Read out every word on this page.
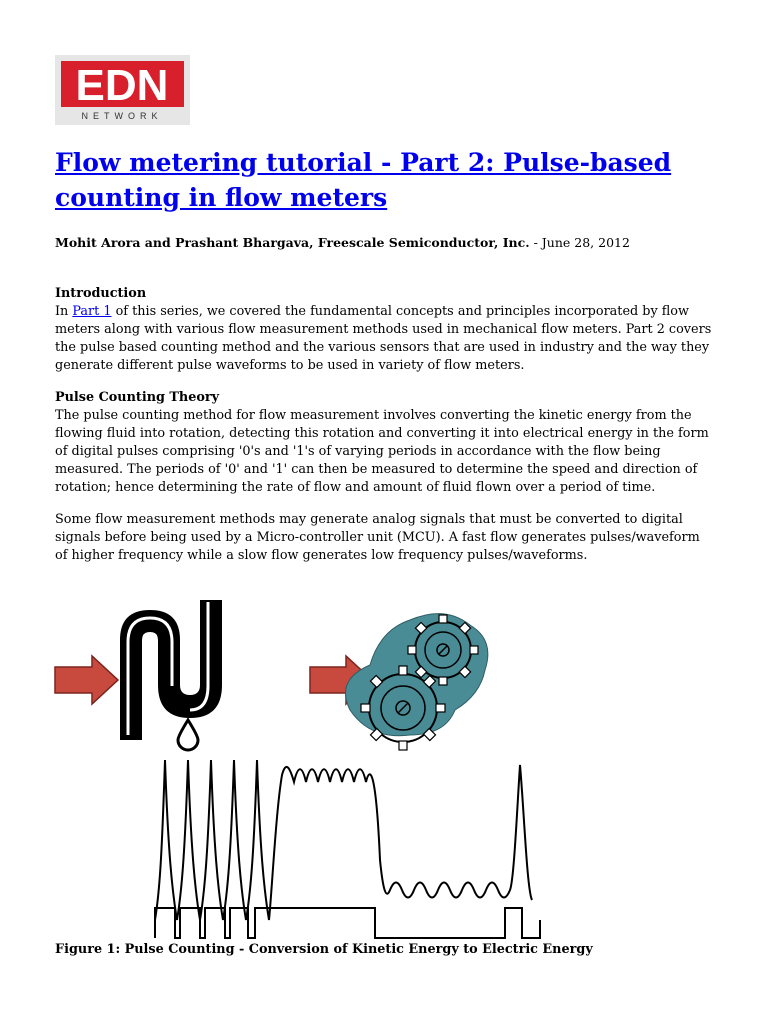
EDN
NETWORK
Flow metering tutorial - Part 2: Pulse-based counting in flow meters
Mohit Arora and Prashant Bhargava, Freescale Semiconductor, Inc. - June 28, 2012
Introduction
In Part 1 of this series, we covered the fundamental concepts and principles incorporated by flow meters along with various flow measurement methods used in mechanical flow meters. Part 2 covers the pulse based counting method and the various sensors that are used in industry and the way they generate different pulse waveforms to be used in variety of flow meters.
Pulse Counting Theory
The pulse counting method for flow measurement involves converting the kinetic energy from the flowing fluid into rotation, detecting this rotation and converting it into electrical energy in the form of digital pulses comprising '0's and '1's of varying periods in accordance with the flow being measured. The periods of '0' and '1' can then be measured to determine the speed and direction of rotation; hence determining the rate of flow and amount of fluid flown over a period of time.

Some flow measurement methods may generate analog signals that must be converted to digital signals before being used by a Micro-controller unit (MCU). A fast flow generates pulses/waveform of higher frequency while a slow flow generates low frequency pulses/waveforms.

Figure 1: Pulse Counting - Conversion of Kinetic Energy to Electric Energy
